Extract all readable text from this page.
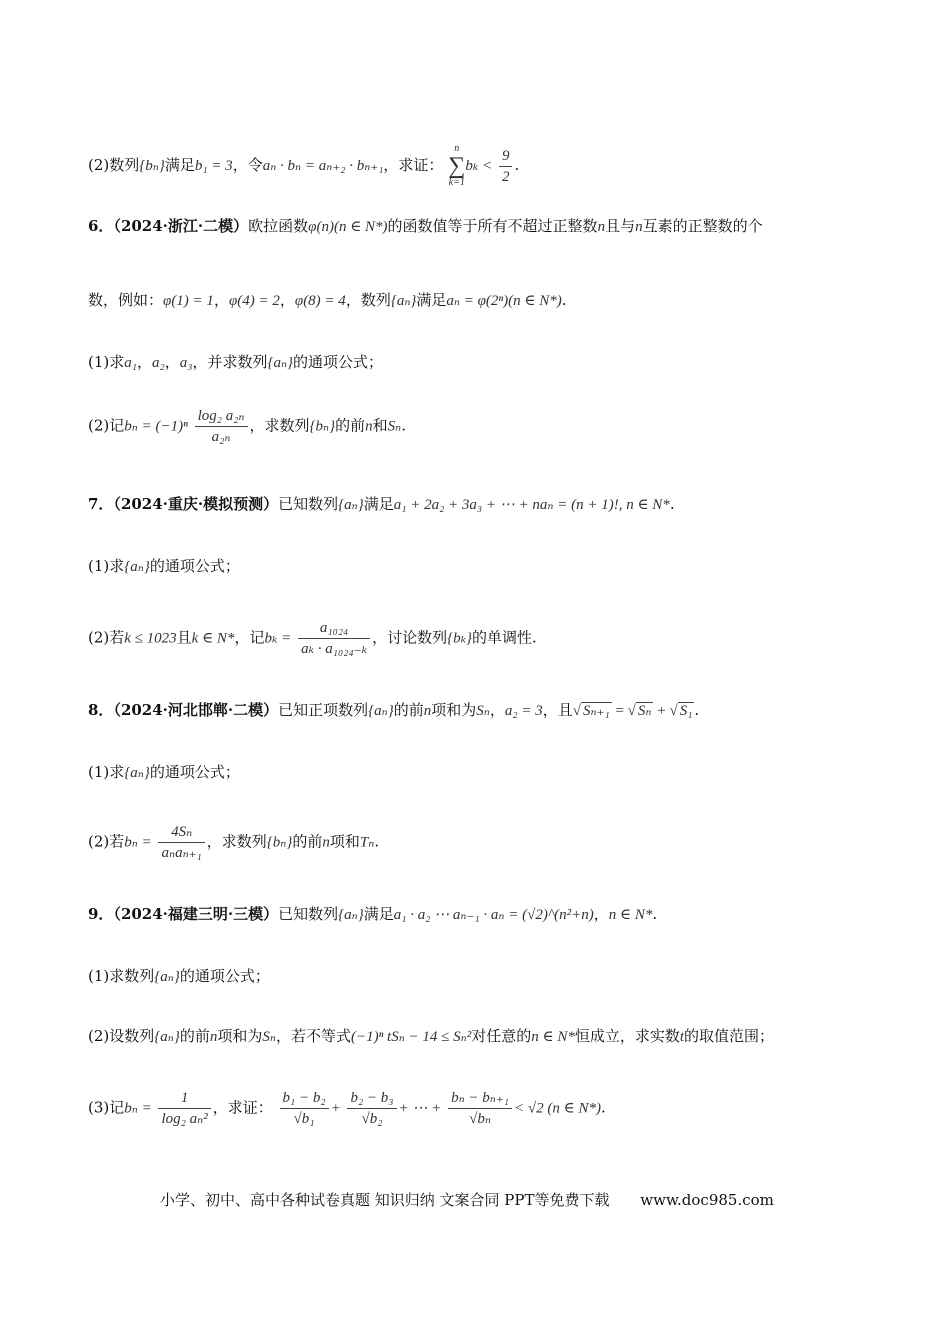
(2)数列{bₙ}满足b₁ = 3，令aₙ · bₙ = aₙ₊₂ · bₙ₊₁，求证： n
∑
$k=1b_k < \frac{9}{2}$ .
6．（2024·浙江·二模）欧拉函数φ(n)(n ∈ N*)的函数值等于所有不超过正整数n且与n互素的正整数的个
数，例如：φ(1) = 1，φ(4) = 2，φ(8) = 4，数列{aₙ}满足aₙ = φ(2ⁿ)(n ∈ N*).
(1)求a₁，a₂，a₃，并求数列{aₙ}的通项公式；
(2)记$b_n = (-1)^n \frac{\text{log₂ a₂ₙ}}{\text{a₂ₙ}}$ ，求数列{bₙ}的前n和Sₙ.
7．（2024·重庆·模拟预测）已知数列{aₙ}满足a₁ + 2a₂ + 3a₃ + ⋯ + naₙ = (n + 1)!, n ∈ N*.
(1)求{aₙ}的通项公式；
(2)若k ≤ 1023且k ∈ N*，记$b_k = \frac{\text{a₁₀₂₄}}{\text{aₖ · a₁₀₂₄₋ₖ}}$ ，讨论数列{bₖ}的单调性.
8．（2024·河北邯郸·二模）已知正项数列{aₙ}的前n项和为Sₙ，a₂ = 3，且√ Sₙ₊₁ = √ Sₙ + √ S₁ .
(1)求{aₙ}的通项公式；
(2)若$b_n = \frac{\text{4Sₙ}}{\text{aₙaₙ₊₁}}$ ，求数列{bₙ}的前n项和Tₙ.
9．（2024·福建三明·三模）已知数列{aₙ}满足a₁ · a₂ ⋯ aₙ₋₁ · aₙ = (√2)^(n²+n)，n ∈ N*.
(1)求数列{aₙ}的通项公式；
(2)设数列{aₙ}的前n项和为Sₙ，若不等式(−1)ⁿ tSₙ − 14 ≤ Sₙ²对任意的n ∈ N*恒成立，求实数t的取值范围；
(3)记$b_n = \frac{1}{\text{log₂ aₙ²}}$ ，求证： $\frac{\text{b₁ − b₂}}{\text{√b₁}} + \frac{\text{b₂ − b₃}}{\text{√b₂}}$ + ⋯ + $\frac{\text{bₙ − bₙ₊₁}}{\text{√bₙ}} < √2$ (n ∈ N*).
小学、初中、高中各种试卷真题 知识归纳 文案合同 PPT等免费下载 www.doc985.com
